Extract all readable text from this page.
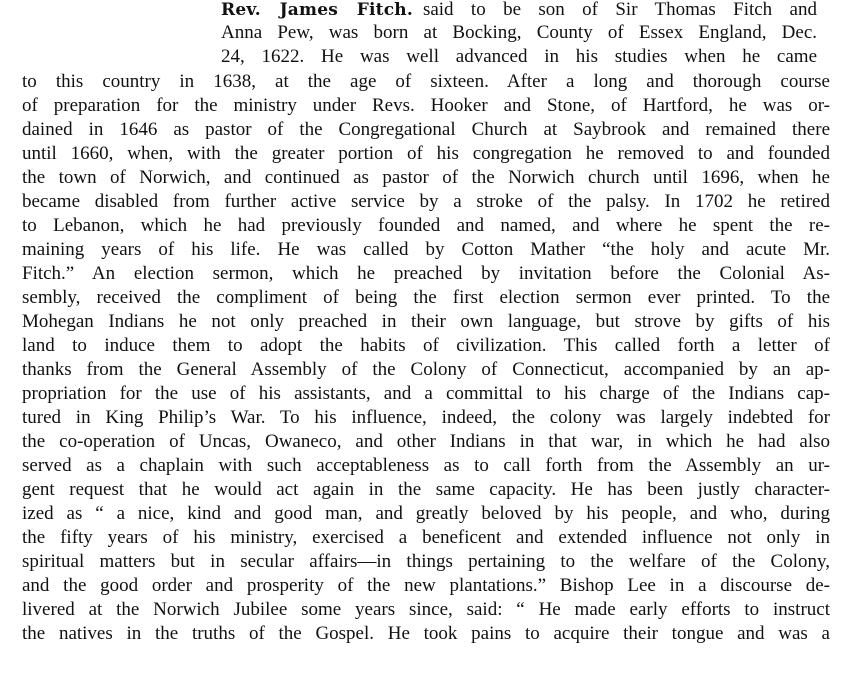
Rev. James Fitch. said to be son of Sir Thomas Fitch and
Anna Pew, was born at Bocking, County of Essex England, Dec.
24, 1622. He was well advanced in his studies when he came
to this country in 1638, at the age of sixteen. After a long and thorough course
of preparation for the ministry under Revs. Hooker and Stone, of Hartford, he was or-
dained in 1646 as pastor of the Congregational Church at Saybrook and remained there
until 1660, when, with the greater portion of his congregation he removed to and founded
the town of Norwich, and continued as pastor of the Norwich church until 1696, when he
became disabled from further active service by a stroke of the palsy. In 1702 he retired
to Lebanon, which he had previously founded and named, and where he spent the re-
maining years of his life. He was called by Cotton Mather “the holy and acute Mr.
Fitch.” An election sermon, which he preached by invitation before the Colonial As-
sembly, received the compliment of being the first election sermon ever printed. To the
Mohegan Indians he not only preached in their own language, but strove by gifts of his
land to induce them to adopt the habits of civilization. This called forth a letter of
thanks from the General Assembly of the Colony of Connecticut, accompanied by an ap-
propriation for the use of his assistants, and a committal to his charge of the Indians cap-
tured in King Philip’s War. To his influence, indeed, the colony was largely indebted for
the co-operation of Uncas, Owaneco, and other Indians in that war, in which he had also
served as a chaplain with such acceptableness as to call forth from the Assembly an ur-
gent request that he would act again in the same capacity. He has been justly character-
ized as “ a nice, kind and good man, and greatly beloved by his people, and who, during
the fifty years of his ministry, exercised a beneficent and extended influence not only in
spiritual matters but in secular affairs—in things pertaining to the welfare of the Colony,
and the good order and prosperity of the new plantations.” Bishop Lee in a discourse de-
livered at the Norwich Jubilee some years since, said: “ He made early efforts to instruct
the natives in the truths of the Gospel. He took pains to acquire their tongue and was a
